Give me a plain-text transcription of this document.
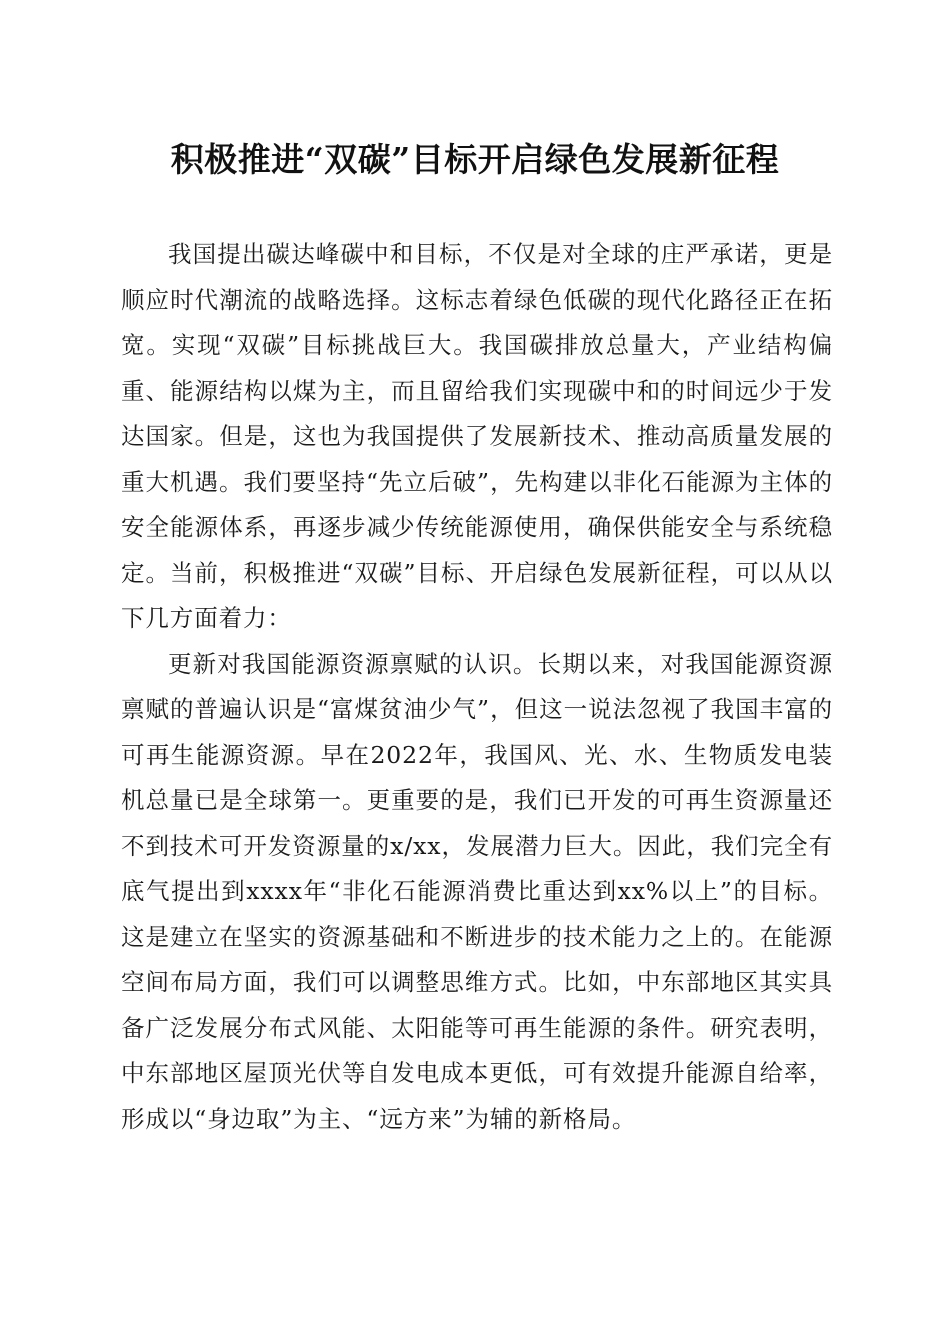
积极推进“双碳”目标开启绿色发展新征程

我国提出碳达峰碳中和目标，不仅是对全球的庄严承诺，更是顺应时代潮流的战略选择。这标志着绿色低碳的现代化路径正在拓宽。实现“双碳”目标挑战巨大。我国碳排放总量大，产业结构偏重、能源结构以煤为主，而且留给我们实现碳中和的时间远少于发达国家。但是，这也为我国提供了发展新技术、推动高质量发展的重大机遇。我们要坚持“先立后破”，先构建以非化石能源为主体的安全能源体系，再逐步减少传统能源使用，确保供能安全与系统稳定。当前，积极推进“双碳”目标、开启绿色发展新征程，可以从以下几方面着力：

更新对我国能源资源禀赋的认识。长期以来，对我国能源资源禀赋的普遍认识是“富煤贫油少气”，但这一说法忽视了我国丰富的可再生能源资源。早在2022年，我国风、光、水、生物质发电装机总量已是全球第一。更重要的是，我们已开发的可再生资源量还不到技术可开发资源量的x/xx，发展潜力巨大。因此，我们完全有底气提出到xxxx年“非化石能源消费比重达到xx%以上”的目标。这是建立在坚实的资源基础和不断进步的技术能力之上的。在能源空间布局方面，我们可以调整思维方式。比如，中东部地区其实具备广泛发展分布式风能、太阳能等可再生能源的条件。研究表明，中东部地区屋顶光伏等自发电成本更低，可有效提升能源自给率，形成以“身边取”为主、“远方来”为辅的新格局。
